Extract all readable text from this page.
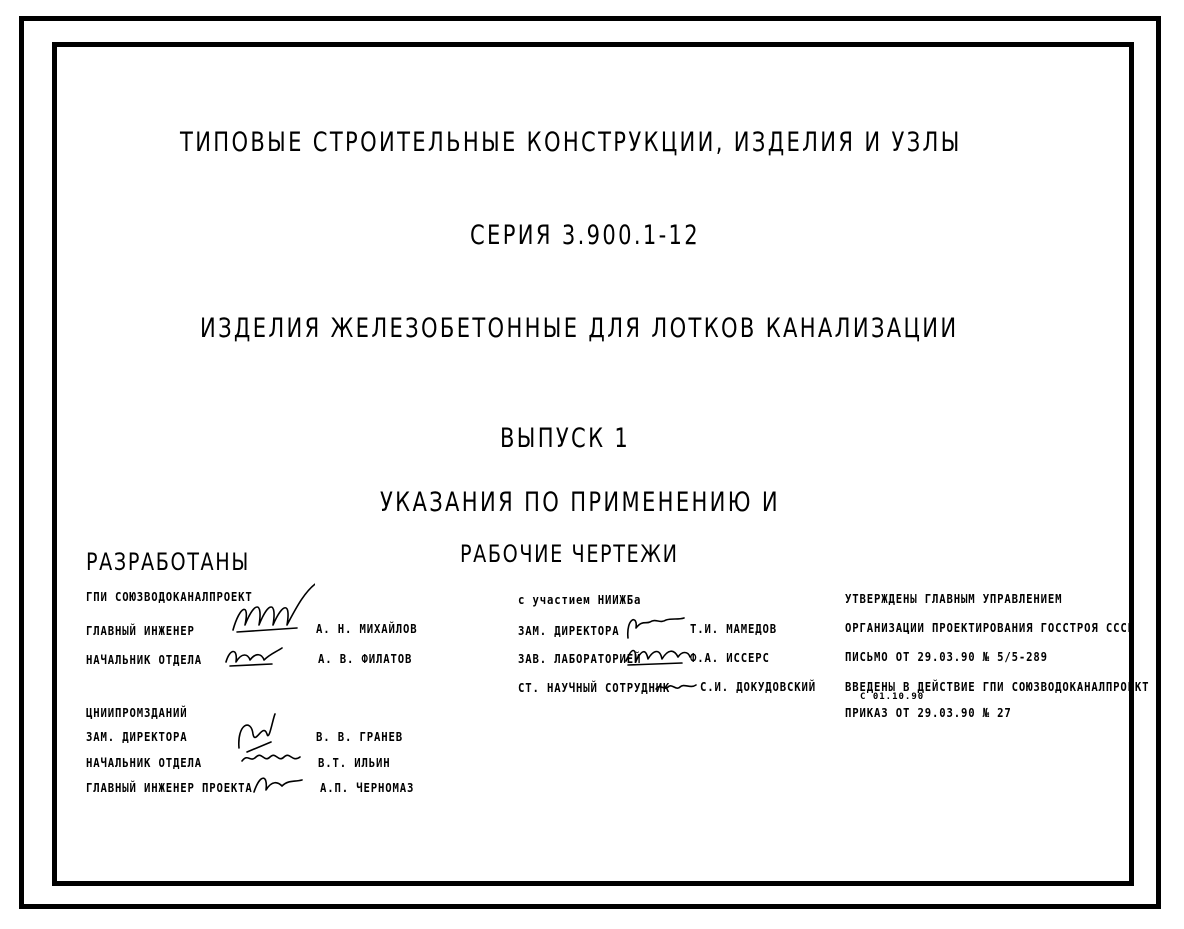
ТИПОВЫЕ СТРОИТЕЛЬНЫЕ КОНСТРУКЦИИ, ИЗДЕЛИЯ И УЗЛЫ
СЕРИЯ 3.900.1-12
ИЗДЕЛИЯ ЖЕЛЕЗОБЕТОННЫЕ ДЛЯ ЛОТКОВ КАНАЛИЗАЦИИ
ВЫПУСК 1
УКАЗАНИЯ ПО ПРИМЕНЕНИЮ И
РАБОЧИЕ ЧЕРТЕЖИ
РАЗРАБОТАНЫ
ГПИ СОЮЗВОДОКАНАЛПРОЕКТ
ГЛАВНЫЙ ИНЖЕНЕР	А. Н. МИХАЙЛОВ
НАЧАЛЬНИК ОТДЕЛА	А. В. ФИЛАТОВ
ЦНИИПРОМЗДАНИЙ
ЗАМ. ДИРЕКТОРА	В. В. ГРАНЕВ
НАЧАЛЬНИК ОТДЕЛА	В.Т. ИЛЬИН
ГЛАВНЫЙ ИНЖЕНЕР ПРОЕКТА	А.П. ЧЕРНОМАЗ
с участием НИИЖБа
ЗАМ. ДИРЕКТОРА	Т.И. МАМЕДОВ
ЗАВ. ЛАБОРАТОРИЕЙ	Ф.А. ИССЕРС
СТ. НАУЧНЫЙ СОТРУДНИК С.И. ДОКУДОВСКИЙ
УТВЕРЖДЕНЫ ГЛАВНЫМ УПРАВЛЕНИЕМ
ОРГАНИЗАЦИИ ПРОЕКТИРОВАНИЯ ГОССТРОЯ СССР
ПИСЬМО ОТ 29.03.90 № 5/5-289
ВВЕДЕНЫ В ДЕЙСТВИЕ ГПИ СОЮЗВОДОКАНАЛПРОЕКТ
С 01.10.90
ПРИКАЗ ОТ 29.03.90 № 27
